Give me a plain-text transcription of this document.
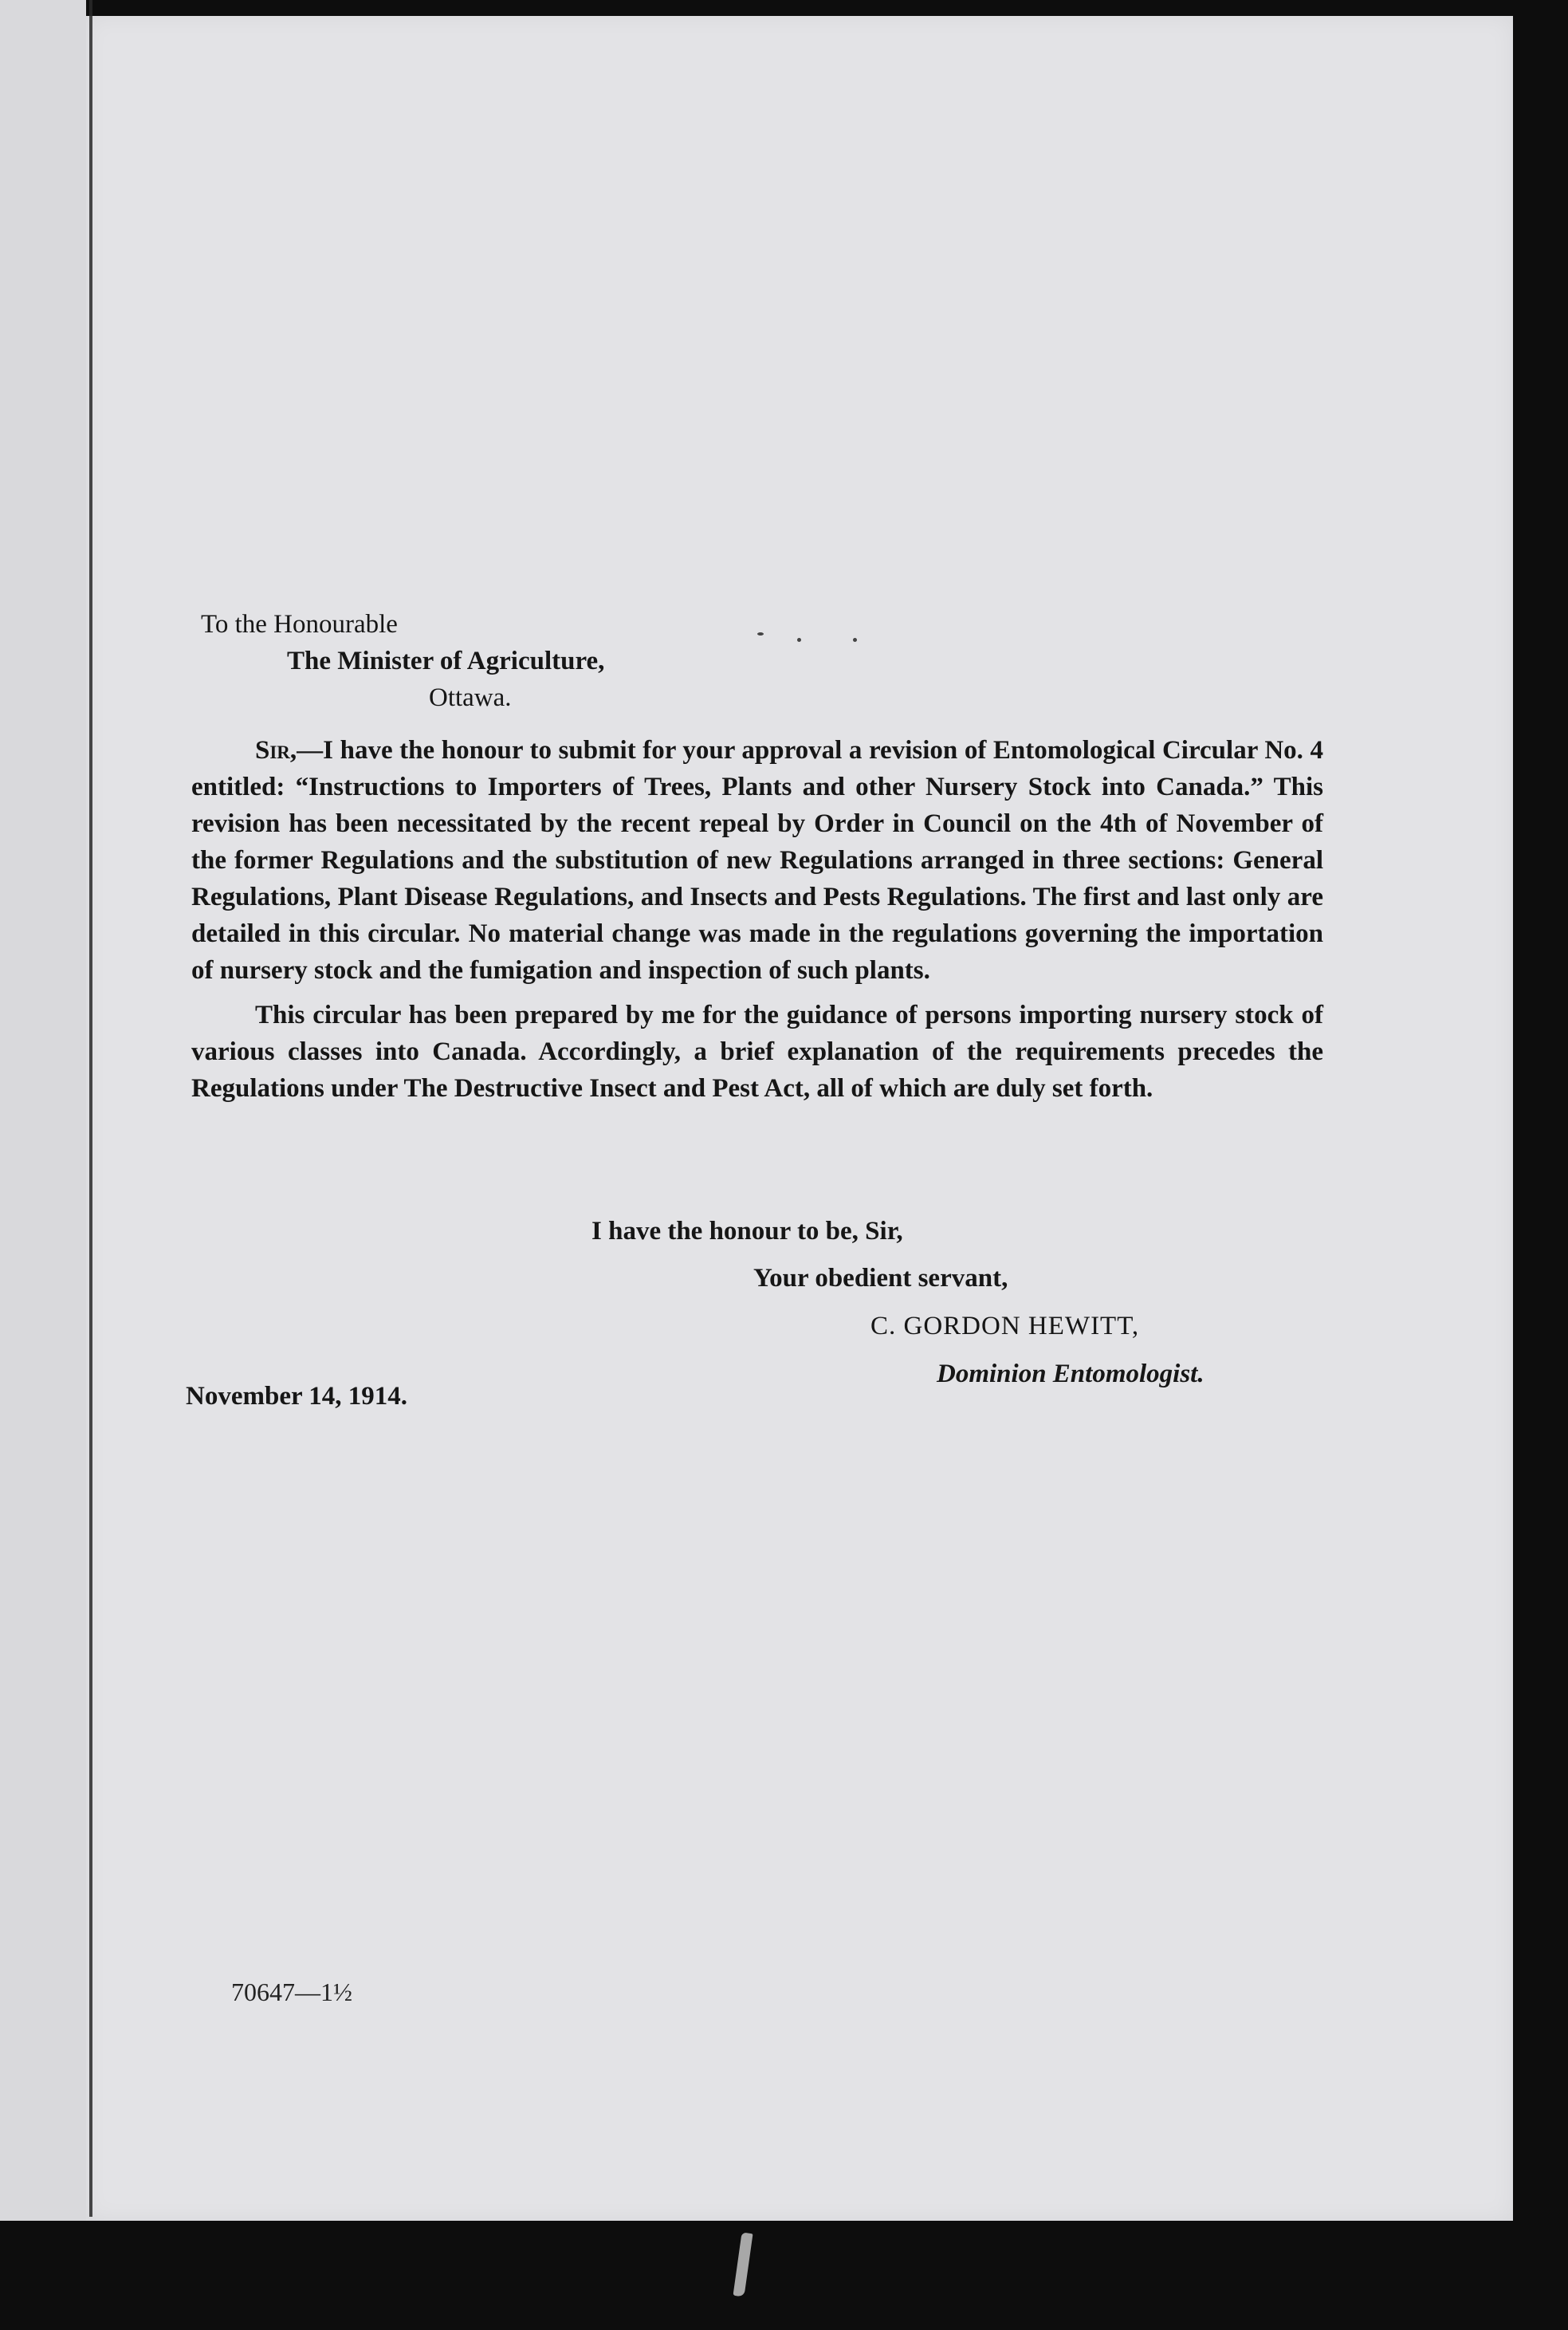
To the Honourable
The Minister of Agriculture,
Ottawa.

Sir,—I have the honour to submit for your approval a revision of Entomological Circular No. 4 entitled: “Instructions to Importers of Trees, Plants and other Nursery Stock into Canada.” This revision has been necessitated by the recent repeal by Order in Council on the 4th of November of the former Regulations and the substitution of new Regulations arranged in three sections: General Regulations, Plant Disease Regulations, and Insects and Pests Regulations. The first and last only are detailed in this circular. No material change was made in the regulations governing the importation of nursery stock and the fumigation and inspection of such plants.

This circular has been prepared by me for the guidance of persons importing nursery stock of various classes into Canada. Accordingly, a brief explanation of the requirements precedes the Regulations under The Destructive Insect and Pest Act, all of which are duly set forth.

I have the honour to be, Sir,
Your obedient servant,
C. GORDON HEWITT,
Dominion Entomologist.
November 14, 1914.
70647—1½
